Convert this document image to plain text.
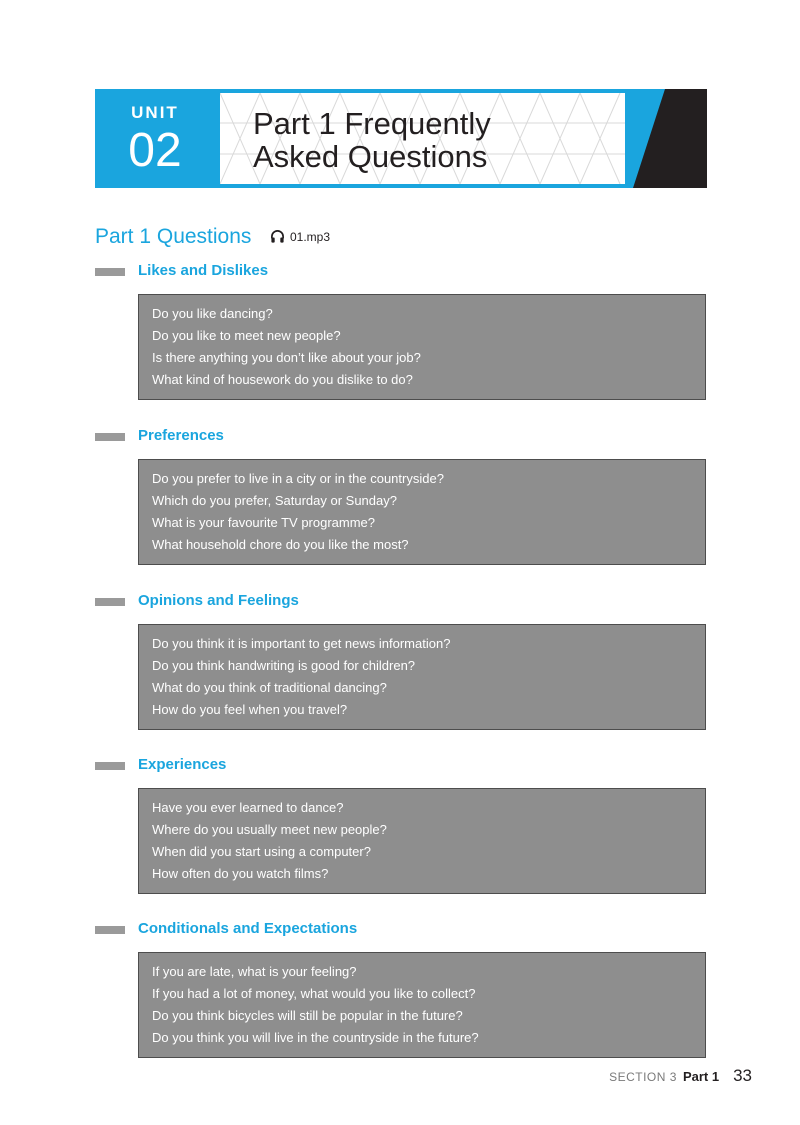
UNIT
02
Part 1 Frequently
Asked Questions
Part 1 Questions	01.mp3
Likes and Dislikes
Do you like dancing?
Do you like to meet new people?
Is there anything you don’t like about your job?
What kind of housework do you dislike to do?
Preferences
Do you prefer to live in a city or in the countryside?
Which do you prefer, Saturday or Sunday?
What is your favourite TV programme?
What household chore do you like the most?
Opinions and Feelings
Do you think it is important to get news information?
Do you think handwriting is good for children?
What do you think of traditional dancing?
How do you feel when you travel?
Experiences
Have you ever learned to dance?
Where do you usually meet new people?
When did you start using a computer?
How often do you watch films?
Conditionals and Expectations
If you are late, what is your feeling?
If you had a lot of money, what would you like to collect?
Do you think bicycles will still be popular in the future?
Do you think you will live in the countryside in the future?
SECTION 3 Part 1 33
